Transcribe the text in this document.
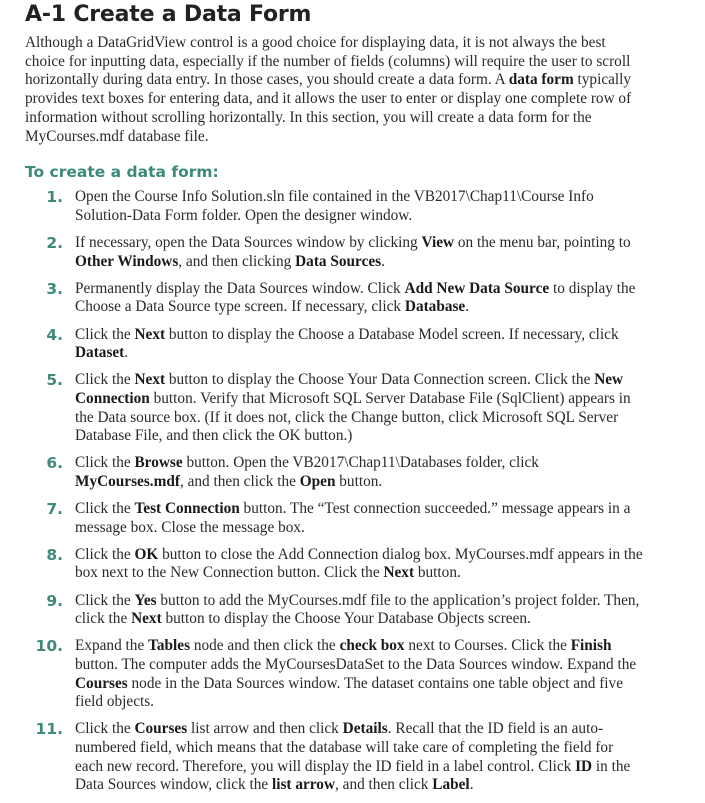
A-1 Create a Data Form

Although a DataGridView control is a good choice for displaying data, it is not always the best choice for inputting data, especially if the number of fields (columns) will require the user to scroll horizontally during data entry. In those cases, you should create a data form. A data form typically provides text boxes for entering data, and it allows the user to enter or display one complete row of information without scrolling horizontally. In this section, you will create a data form for the MyCourses.mdf database file.

To create a data form:
1. Open the Course Info Solution.sln file contained in the VB2017\Chap11\Course Info Solution-Data Form folder. Open the designer window.
2. If necessary, open the Data Sources window by clicking View on the menu bar, pointing to Other Windows, and then clicking Data Sources.
3. Permanently display the Data Sources window. Click Add New Data Source to display the Choose a Data Source type screen. If necessary, click Database.
4. Click the Next button to display the Choose a Database Model screen. If necessary, click Dataset.
5. Click the Next button to display the Choose Your Data Connection screen. Click the New Connection button. Verify that Microsoft SQL Server Database File (SqlClient) appears in the Data source box. (If it does not, click the Change button, click Microsoft SQL Server Database File, and then click the OK button.)
6. Click the Browse button. Open the VB2017\Chap11\Databases folder, click MyCourses.mdf, and then click the Open button.
7. Click the Test Connection button. The “Test connection succeeded.” message appears in a message box. Close the message box.
8. Click the OK button to close the Add Connection dialog box. MyCourses.mdf appears in the box next to the New Connection button. Click the Next button.
9. Click the Yes button to add the MyCourses.mdf file to the application’s project folder. Then, click the Next button to display the Choose Your Database Objects screen.
10. Expand the Tables node and then click the check box next to Courses. Click the Finish button. The computer adds the MyCoursesDataSet to the Data Sources window. Expand the Courses node in the Data Sources window. The dataset contains one table object and five field objects.
11. Click the Courses list arrow and then click Details. Recall that the ID field is an auto-numbered field, which means that the database will take care of completing the field for each new record. Therefore, you will display the ID field in a label control. Click ID in the Data Sources window, click the list arrow, and then click Label.
